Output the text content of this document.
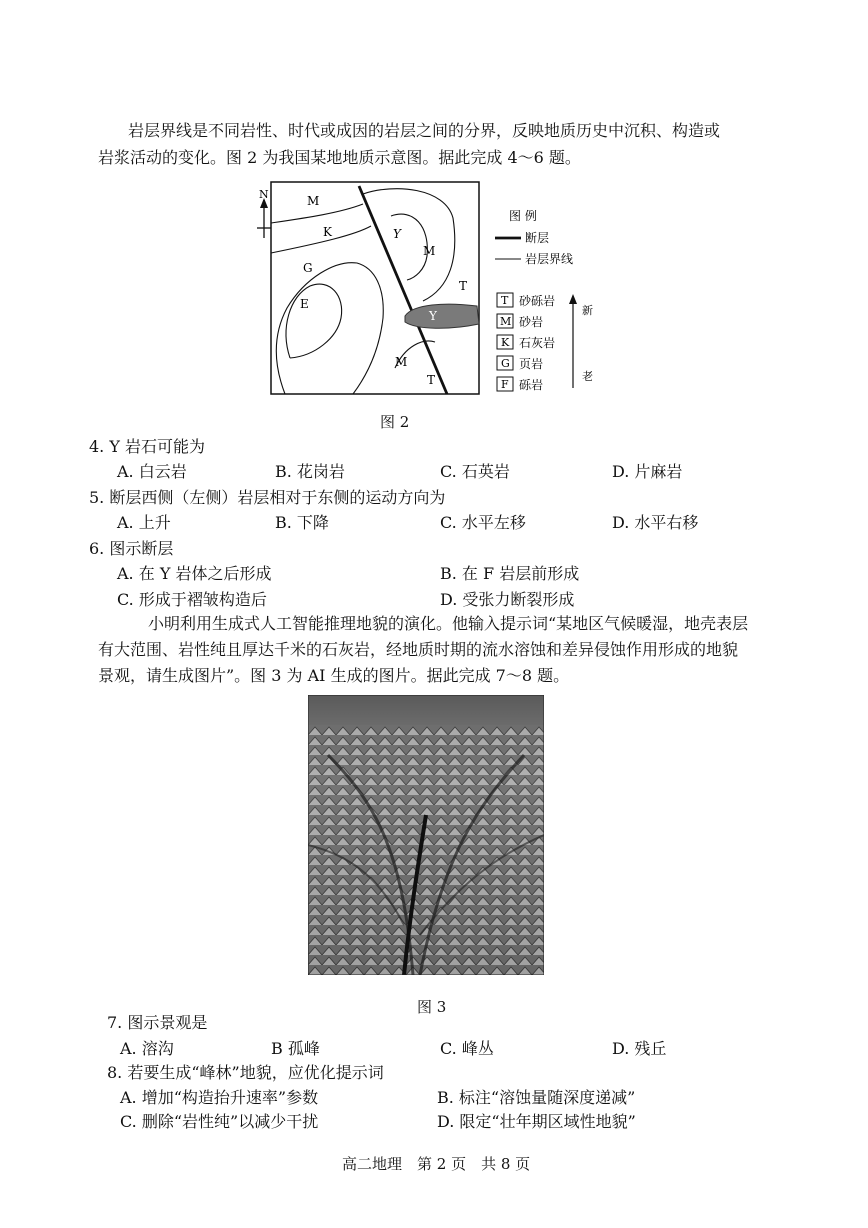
岩层界线是不同岩性、时代或成因的岩层之间的分界，反映地质历史中沉积、构造或
岩浆活动的变化。图 2 为我国某地地质示意图。据此完成 4～6 题。
N	M
K
G
E
Y
M
T
Y
M
T
图 例
断层
岩层界线
T 砂砾岩
M 砂岩
K 石灰岩
G 页岩
F 砾岩
新
老
图 2
4. Y 岩石可能为
A. 白云岩	B. 花岗岩	C. 石英岩	D. 片麻岩
5. 断层西侧（左侧）岩层相对于东侧的运动方向为
A. 上升	B. 下降	C. 水平左移	D. 水平右移
6. 图示断层
A. 在 Y 岩体之后形成	B. 在 F 岩层前形成
C. 形成于褶皱构造后	D. 受张力断裂形成
小明利用生成式人工智能推理地貌的演化。他输入提示词“某地区气候暖湿，地壳表层
有大范围、岩性纯且厚达千米的石灰岩，经地质时期的流水溶蚀和差异侵蚀作用形成的地貌
景观，请生成图片”。图 3 为 AI 生成的图片。据此完成 7～8 题。
图 3
7. 图示景观是
A. 溶沟	B 孤峰	C. 峰丛	D. 残丘
8. 若要生成“峰林”地貌，应优化提示词
A. 增加“构造抬升速率”参数	B. 标注“溶蚀量随深度递减”
C. 删除“岩性纯”以减少干扰	D. 限定“壮年期区域性地貌”
高二地理　第 2 页　共 8 页
